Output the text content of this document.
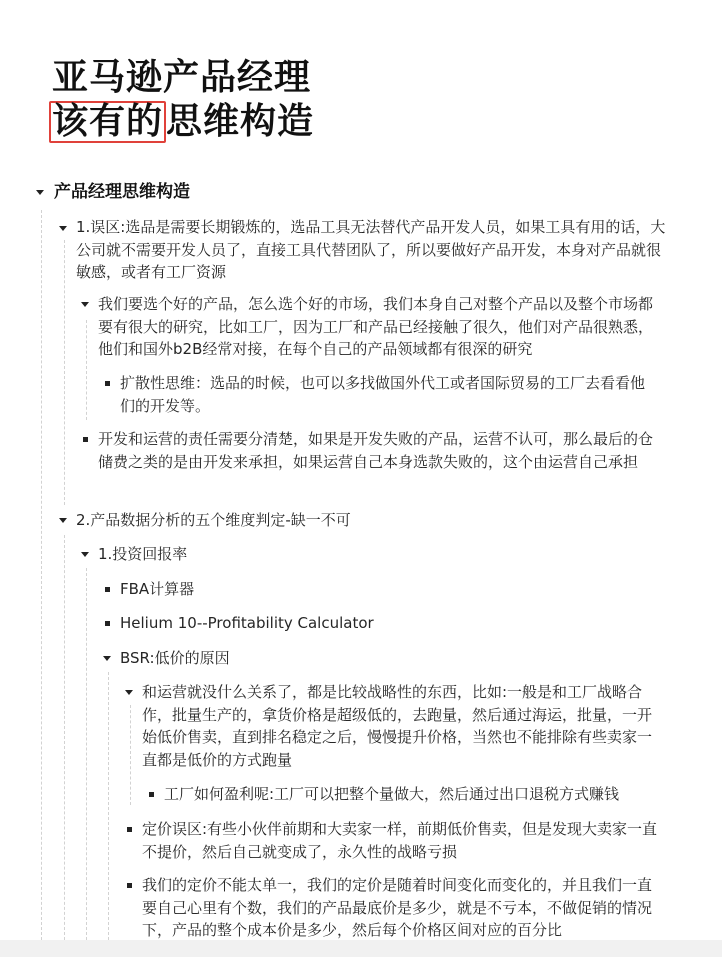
亚马逊产品经理
该有的思维构造
产品经理思维构造
1.误区:选品是需要长期锻炼的，选品工具无法替代产品开发人员，如果工具有用的话，大公司就不需要开发人员了，直接工具代替团队了，所以要做好产品开发，本身对产品就很敏感，或者有工厂资源
我们要选个好的产品，怎么选个好的市场，我们本身自己对整个产品以及整个市场都要有很大的研究，比如工厂，因为工厂和产品已经接触了很久，他们对产品很熟悉，他们和国外b2B经常对接，在每个自己的产品领域都有很深的研究
扩散性思维：选品的时候，也可以多找做国外代工或者国际贸易的工厂去看看他们的开发等。
开发和运营的责任需要分清楚，如果是开发失败的产品，运营不认可，那么最后的仓储费之类的是由开发来承担，如果运营自己本身选款失败的，这个由运营自己承担
2.产品数据分析的五个维度判定-缺一不可
1.投资回报率
FBA计算器
Helium 10--Profitability Calculator
BSR:低价的原因
和运营就没什么关系了，都是比较战略性的东西，比如:一般是和工厂战略合作，批量生产的，拿货价格是超级低的，去跑量，然后通过海运，批量，一开始低价售卖，直到排名稳定之后，慢慢提升价格，当然也不能排除有些卖家一直都是低价的方式跑量
工厂如何盈利呢:工厂可以把整个量做大，然后通过出口退税方式赚钱
定价误区:有些小伙伴前期和大卖家一样，前期低价售卖，但是发现大卖家一直不提价，然后自己就变成了，永久性的战略亏损
我们的定价不能太单一，我们的定价是随着时间变化而变化的，并且我们一直要自己心里有个数，我们的产品最底价是多少，就是不亏本，不做促销的情况下，产品的整个成本价是多少，然后每个价格区间对应的百分比
